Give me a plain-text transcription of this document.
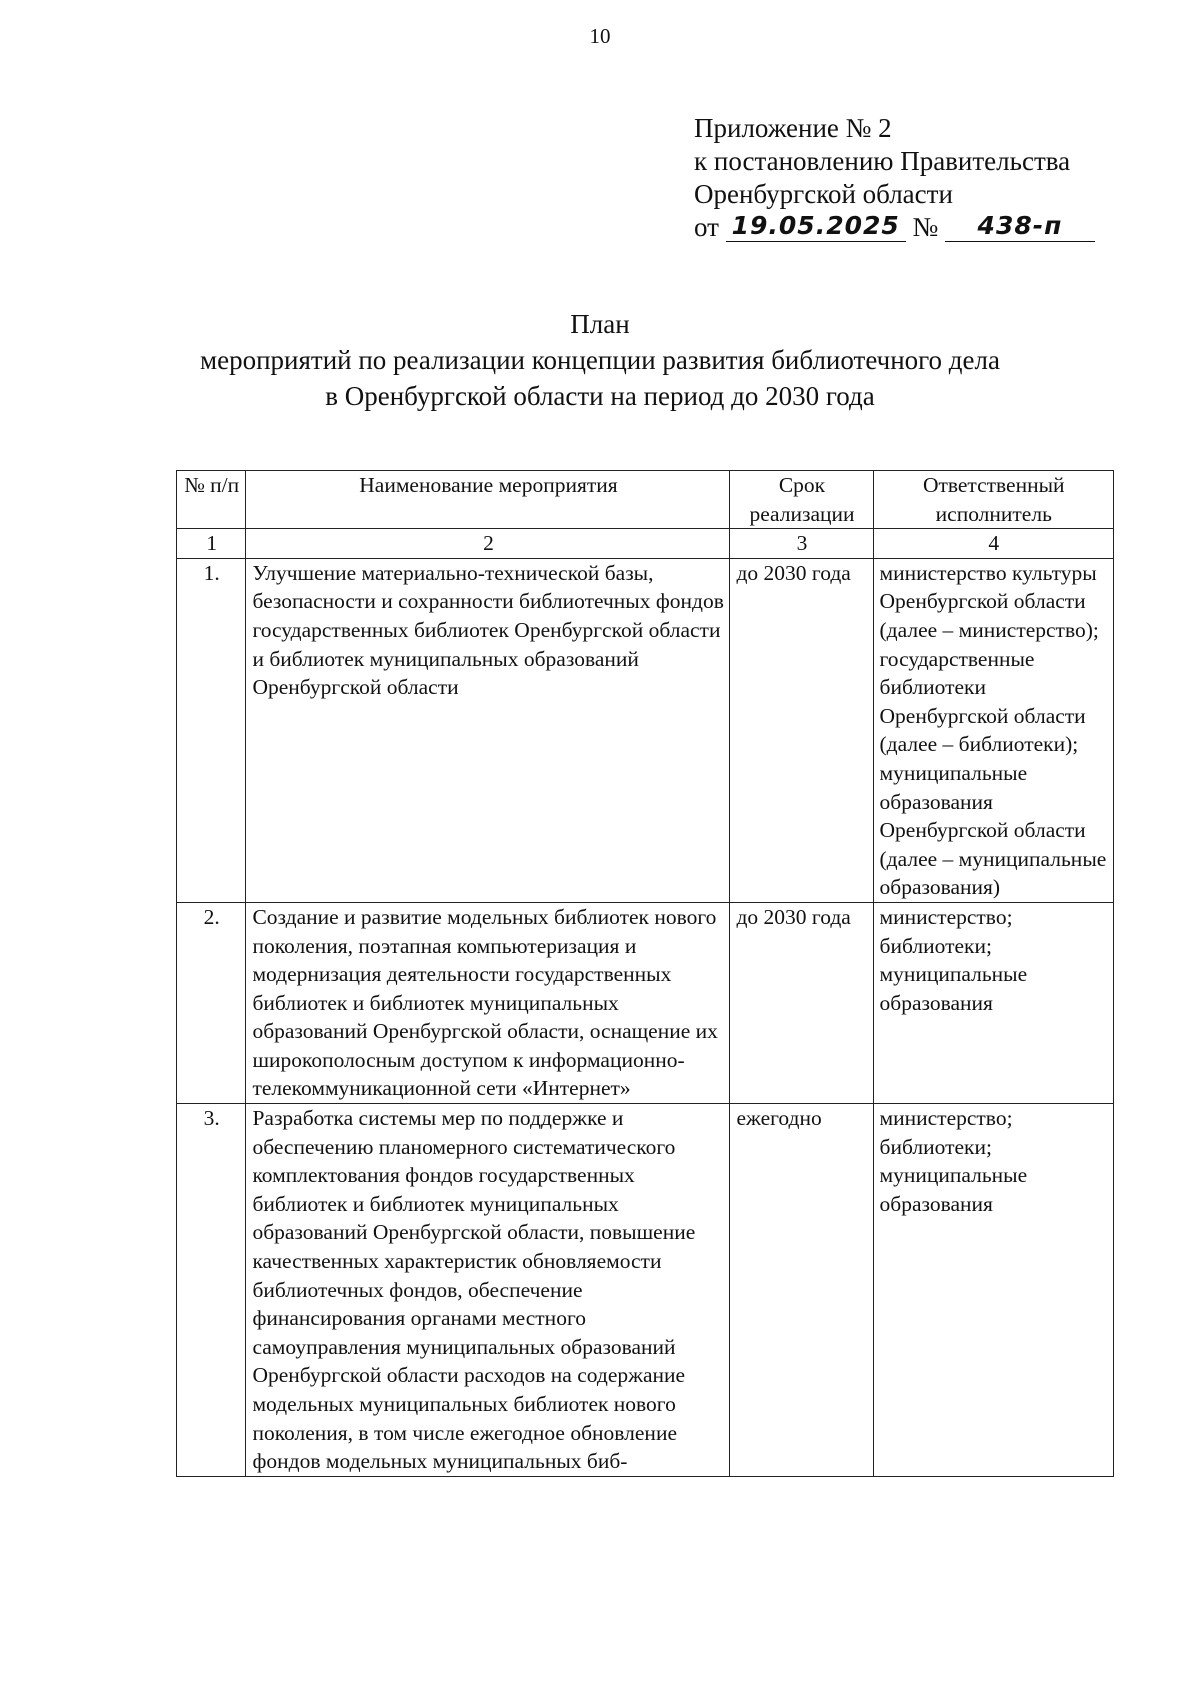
10
Приложение № 2
к постановлению Правительства
Оренбургской области
от 19.05.2025 № 438-п
План
мероприятий по реализации концепции развития библиотечного дела
в Оренбургской области на период до 2030 года
№ п/п	Наименование мероприятия	Срок реализации	Ответственный исполнитель
1	2	3	4
1.	Улучшение материально-технической базы, безопасности и сохранности библиотечных фондов государственных библиотек Оренбургской области и библиотек муниципальных образований Оренбургской области	до 2030 года	министерство культуры Оренбургской области (далее – министерство); государственные библиотеки Оренбургской области (далее – библиотеки); муниципальные образования Оренбургской области (далее – муниципальные образования)
2.	Создание и развитие модельных библиотек нового поколения, поэтапная компьютеризация и модернизация деятельности государственных библиотек и библиотек муниципальных образований Оренбургской области, оснащение их широкополосным доступом к информационно-телекоммуникационной сети «Интернет»	до 2030 года	министерство; библиотеки; муниципальные образования
3.	Разработка системы мер по поддержке и обеспечению планомерного систематического комплектования фондов государственных библиотек и библиотек муниципальных образований Оренбургской области, повышение качественных характеристик обновляемости библиотечных фондов, обеспечение финансирования органами местного самоуправления муниципальных образований Оренбургской области расходов на содержание модельных муниципальных библиотек нового поколения, в том числе ежегодное обновление фондов модельных муниципальных биб-	ежегодно	министерство; библиотеки; муниципальные образования
